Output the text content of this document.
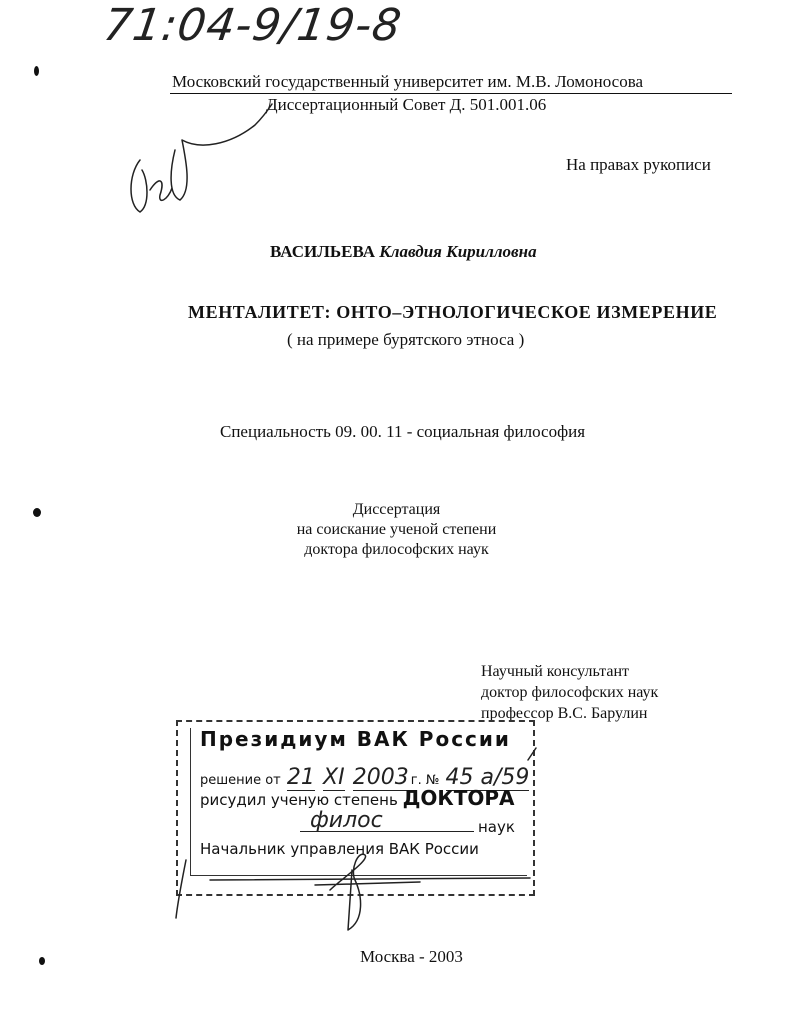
71:04-9/19-8
Московский государственный университет им. М.В. Ломоносова
Диссертационный Совет Д. 501.001.06
На правах рукописи
ВАСИЛЬЕВА Клавдия Кирилловна
МЕНТАЛИТЕТ: ОНТО–ЭТНОЛОГИЧЕСКОЕ ИЗМЕРЕНИЕ
( на примере бурятского этноса )
Специальность 09. 00. 11 - социальная философия
Диссертация
на соискание ученой степени
доктора философских наук
Научный консультант
доктор философских наук
профессор В.С. Барулин
Президиум ВАК России
решение от 21 XI 2003 г. № 45 а/59
рисудил ученую степень ДОКТОРА
филос	наук
Начальник управления ВАК России
Москва - 2003
